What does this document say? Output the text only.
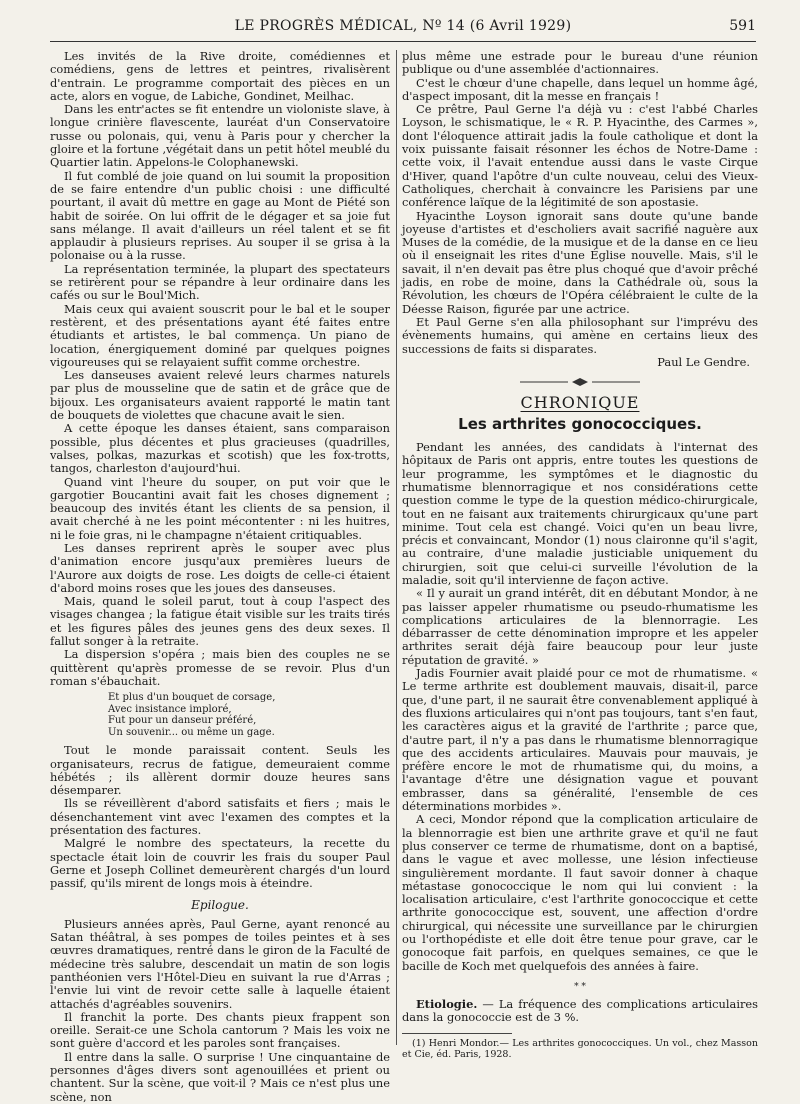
LE PROGRÈS MÉDICAL, Nº 14 (6 Avril 1929)	591

Les invités de la Rive droite, comédiennes et comédiens, gens de lettres et peintres, rivalisèrent d'entrain. Le programme comportait des pièces en un acte, alors en vogue, de Labiche, Gondinet, Meilhac.

Dans les entr'actes se fit entendre un violoniste slave, à longue crinière flavescente, lauréat d'un Conservatoire russe ou polonais, qui, venu à Paris pour y chercher la gloire et la fortune ,végétait dans un petit hôtel meublé du Quartier latin. Appelons-le Colophanewski.

Il fut comblé de joie quand on lui soumit la proposition de se faire entendre d'un public choisi : une difficulté pourtant, il avait dû mettre en gage au Mont de Piété son habit de soirée. On lui offrit de le dégager et sa joie fut sans mélange. Il avait d'ailleurs un réel talent et se fit applaudir à plusieurs reprises. Au souper il se grisa à la polonaise ou à la russe.

La représentation terminée, la plupart des spectateurs se retirèrent pour se répandre à leur ordinaire dans les cafés ou sur le Boul'Mich.

Mais ceux qui avaient souscrit pour le bal et le souper restèrent, et des présentations ayant été faites entre étudiants et artistes, le bal commença. Un piano de location, énergiquement dominé par quelques poignes vigoureuses qui se relayaient suffit comme orchestre.

Les danseuses avaient relevé leurs charmes naturels par plus de mousseline que de satin et de grâce que de bijoux. Les organisateurs avaient rapporté le matin tant de bouquets de violettes que chacune avait le sien.

A cette époque les danses étaient, sans comparaison possible, plus décentes et plus gracieuses (quadrilles, valses, polkas, mazurkas et scotish) que les fox-trotts, tangos, charleston d'aujourd'hui.

Quand vint l'heure du souper, on put voir que le gargotier Boucantini avait fait les choses dignement ; beaucoup des invités étant les clients de sa pension, il avait cherché à ne les point mécontenter : ni les huitres, ni le foie gras, ni le champagne n'étaient critiquables.

Les danses reprirent après le souper avec plus d'animation encore jusqu'aux premières lueurs de l'Aurore aux doigts de rose. Les doigts de celle-ci étaient d'abord moins roses que les joues des danseuses.

Mais, quand le soleil parut, tout à coup l'aspect des visages changea ; la fatigue était visible sur les traits tirés et les figures pâles des jeunes gens des deux sexes. Il fallut songer à la retraite.

La dispersion s'opéra ; mais bien des couples ne se quittèrent qu'après promesse de se revoir. Plus d'un roman s'ébauchait.

Et plus d'un bouquet de corsage,
Avec insistance imploré,
Fut pour un danseur préféré,
Un souvenir... ou même un gage.

Tout le monde paraissait content. Seuls les organisateurs, recrus de fatigue, demeuraient comme hébétés ; ils allèrent dormir douze heures sans désemparer.

Ils se réveillèrent d'abord satisfaits et fiers ; mais le désenchantement vint avec l'examen des comptes et la présentation des factures.

Malgré le nombre des spectateurs, la recette du spectacle était loin de couvrir les frais du souper Paul Gerne et Joseph Collinet demeurèrent chargés d'un lourd passif, qu'ils mirent de longs mois à éteindre.

Epilogue.

Plusieurs années après, Paul Gerne, ayant renoncé au Satan théâtral, à ses pompes de toiles peintes et à ses œuvres dramatiques, rentré dans le giron de la Faculté de médecine très salubre, descendait un matin de son logis panthéonien vers l'Hôtel-Dieu en suivant la rue d'Arras ; l'envie lui vint de revoir cette salle à laquelle étaient attachés d'agréables souvenirs.

Il franchit la porte. Des chants pieux frappent son oreille. Serait-ce une Schola cantorum ? Mais les voix ne sont guère d'accord et les paroles sont françaises.

Il entre dans la salle. O surprise ! Une cinquantaine de personnes d'âges divers sont agenouillées et prient ou chantent. Sur la scène, que voit-il ? Mais ce n'est plus une scène, non

plus même une estrade pour le bureau d'une réunion publique ou d'une assemblée d'actionnaires.

C'est le chœur d'une chapelle, dans lequel un homme âgé, d'aspect imposant, dit la messe en français !

Ce prêtre, Paul Gerne l'a déjà vu : c'est l'abbé Charles Loyson, le schismatique, le « R. P. Hyacinthe, des Carmes », dont l'éloquence attirait jadis la foule catholique et dont la voix puissante faisait résonner les échos de Notre-Dame : cette voix, il l'avait entendue aussi dans le vaste Cirque d'Hiver, quand l'apôtre d'un culte nouveau, celui des Vieux-Catholiques, cherchait à convaincre les Parisiens par une conférence laïque de la légitimité de son apostasie.

Hyacinthe Loyson ignorait sans doute qu'une bande joyeuse d'artistes et d'escholiers avait sacrifié naguère aux Muses de la comédie, de la musique et de la danse en ce lieu où il enseignait les rites d'une Église nouvelle. Mais, s'il le savait, il n'en devait pas être plus choqué que d'avoir prêché jadis, en robe de moine, dans la Cathédrale où, sous la Révolution, les chœurs de l'Opéra célébraient le culte de la Déesse Raison, figurée par une actrice.

Et Paul Gerne s'en alla philosophant sur l'imprévu des évènements humains, qui amène en certains lieux des successions de faits si disparates.

Paul Le Gendre.
CHRONIQUE
Les arthrites gonococciques.

Pendant les années, des candidats à l'internat des hôpitaux de Paris ont appris, entre toutes les questions de leur programme, les symptômes et le diagnostic du rhumatisme blennorragique et nos considérations cette question comme le type de la question médico-chirurgicale, tout en ne faisant aux traitements chirurgicaux qu'une part minime. Tout cela est changé. Voici qu'en un beau livre, précis et convaincant, Mondor (1) nous claironne qu'il s'agit, au contraire, d'une maladie justiciable uniquement du chirurgien, soit que celui-ci surveille l'évolution de la maladie, soit qu'il intervienne de façon active.

« Il y aurait un grand intérêt, dit en débutant Mondor, à ne pas laisser appeler rhumatisme ou pseudo-rhumatisme les complications articulaires de la blennorragie. Les débarrasser de cette dénomination impropre et les appeler arthrites serait déjà faire beaucoup pour leur juste réputation de gravité. »

Jadis Fournier avait plaidé pour ce mot de rhumatisme. « Le terme arthrite est doublement mauvais, disait-il, parce que, d'une part, il ne saurait être convenablement appliqué à des fluxions articulaires qui n'ont pas toujours, tant s'en faut, les caractères aigus et la gravité de l'arthrite ; parce que, d'autre part, il n'y a pas dans le rhumatisme blennorragique que des accidents articulaires. Mauvais pour mauvais, je préfère encore le mot de rhumatisme qui, du moins, a l'avantage d'être une désignation vague et pouvant embrasser, dans sa généralité, l'ensemble de ces déterminations morbides ».

A ceci, Mondor répond que la complication articulaire de la blennorragie est bien une arthrite grave et qu'il ne faut plus conserver ce terme de rhumatisme, dont on a baptisé, dans le vague et avec mollesse, une lésion infectieuse singulièrement mordante. Il faut savoir donner à chaque métastase gonococcique le nom qui lui convient : la localisation articulaire, c'est l'arthrite gonococcique et cette arthrite gonococcique est, souvent, une affection d'ordre chirurgical, qui nécessite une surveillance par le chirurgien ou l'orthopédiste et elle doit être tenue pour grave, car le gonocoque fait parfois, en quelques semaines, ce que le bacille de Koch met quelquefois des années à faire.

* *

Etiologie. — La fréquence des complications articulaires dans la gonococcie est de 3 %.

(1) Henri Mondor.— Les arthrites gonococciques. Un vol., chez Masson et Cie, éd. Paris, 1928.
